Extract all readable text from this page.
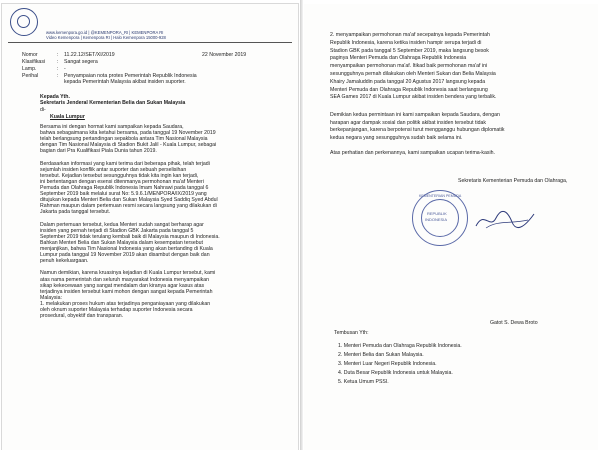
www.kemenpora.go.id | @KEMENPORA_RI | KEMENPORA RI
Video Kemenpora | Kemenpora RI | Halo Kemenpora 15000-928
Nomor	: 11.22.12/SET/XI/2019	22 November 2019
Klasifikasi : Sangat segera
Lamp.	: -
Perihal	: Penyampaian nota protes Pemerintah Republik Indonesia
kepada Pemerintah Malaysia akibat insiden suporter.
Kepada Yth.
Sekretaris Jenderal Kementerian Belia dan Sukan Malaysia
di-
Kuala Lumpur
Bersama ini dengan hormat kami sampaikan kepada Saudara,
bahwa sebagaimana kita ketahui bersama, pada tanggal 19 November 2019
telah berlangsung pertandingan sepakbola antara Tim Nasional Malaysia
dengan Tim Nasional Malaysia di Stadion Bukit Jalil - Kuala Lumpur, sebagai
bagian dari Pra Kualifikasi Piala Dunia tahun 2019.
Berdasarkan informasi yang kami terima dari beberapa pihak, telah terjadi
sejumlah insiden konflik antar suporter dan sebuah perselisihan
tersebut. Kejadian tersebut sesungguhnya tidak kita ingin kan terjadi,
ini bertentangan dengan esensi ditenmanya permohonan ma'af Menteri
Pemuda dan Olahraga Republik Indonesia Imam Nahrawi pada tanggal 6
September 2019 baik melalui surat No: 5.9.6.1/MENPORA/IX/2019 yang
ditujukan kepada Menteri Belia dan Sukan Malaysia Syed Saddiq Syed Abdul
Rahman maupun dalam pertemuan resmi secara langsung yang dilakukan di
Jakarta pada tanggal tersebut.
Dalam pertemuan tersebut, kedua Menteri sudah sangat berharap agar
insiden yang pernah terjadi di Stadion GBK Jakarta pada tanggal 5
September 2019 tidak terulang kembali baik di Malaysia maupun di Indonesia.
Bahkan Menteri Belia dan Sukan Malaysia dalam kesempatan tersebut
menjanjikan, bahwa Tim Nasional Indonesia yang akan bertanding di Kuala
Lumpur pada tanggal 19 November 2019 akan disambut dengan baik dan
penuh kekeluargaan.
Namun demikian, karena kruasinya kejadian di Kuala Lumpur tersebut, kami
atas nama pemerintah dan seluruh masyarakat Indonesia menyampaikan
sikap kekecewaan yang sangat mendalam dan kiranya agar kasus atas
terjadinya insiden tersebut kami mohon dengan sangat kepada Pemerintah
Malaysia:
1. melakukan proses hukum atas terjadinya penganiayaan yang dilakukan
oleh oknum suporter Malaysia terhadap suporter Indonesia secara
prosedural, obyektif dan transparan.
2. menyampaikan permohonan ma'af secepatnya kepada Pemerintah
Republik Indonesia, karena ketika insiden hampir serupa terjadi di
Stadion GBK pada tanggal 5 September 2019, maka langsung besok
paginya Menteri Pemuda dan Olahraga Republik Indonesia
menyampaikan permohonan ma'af. Itikad baik permohonan ma'af ini
sesungguhnya pernah dilakukan oleh Menteri Sukan dan Belia Malaysia
Khairy Jamaluddin pada tanggal 20 Agustus 2017 langsung kepada
Menteri Pemuda dan Olahraga Republik Indonesia saat berlangsung
SEA Games 2017 di Kuala Lumpur akibat insiden bendera yang terbalik.
Demikian kedua permintaan ini kami sampaikan kepada Saudara, dengan
harapan agar dampak sosial dan politik akibat insiden tersebut tidak
berkepanjangan, karena berpotensi turut mengganggu hubungan diplomatik
kedua negara yang sesungguhnya sudah baik selama ini.
Atas perhatian dan perkenannya, kami sampaikan ucapan terima-kasih.
Sekretaris Kementerian Pemuda dan Olahraga,
KEMENTERIAN PEMUDA
REPUBLIK
INDONESIA
Gatot S. Dewa Broto
Tembusan Yth:
1. Menteri Pemuda dan Olahraga Republik Indonesia.
2. Menteri Belia dan Sukan Malaysia.
3. Menteri Luar Negeri Republik Indonesia.
4. Duta Besar Republik Indonesia untuk Malaysia.
5. Ketua Umum PSSI.
